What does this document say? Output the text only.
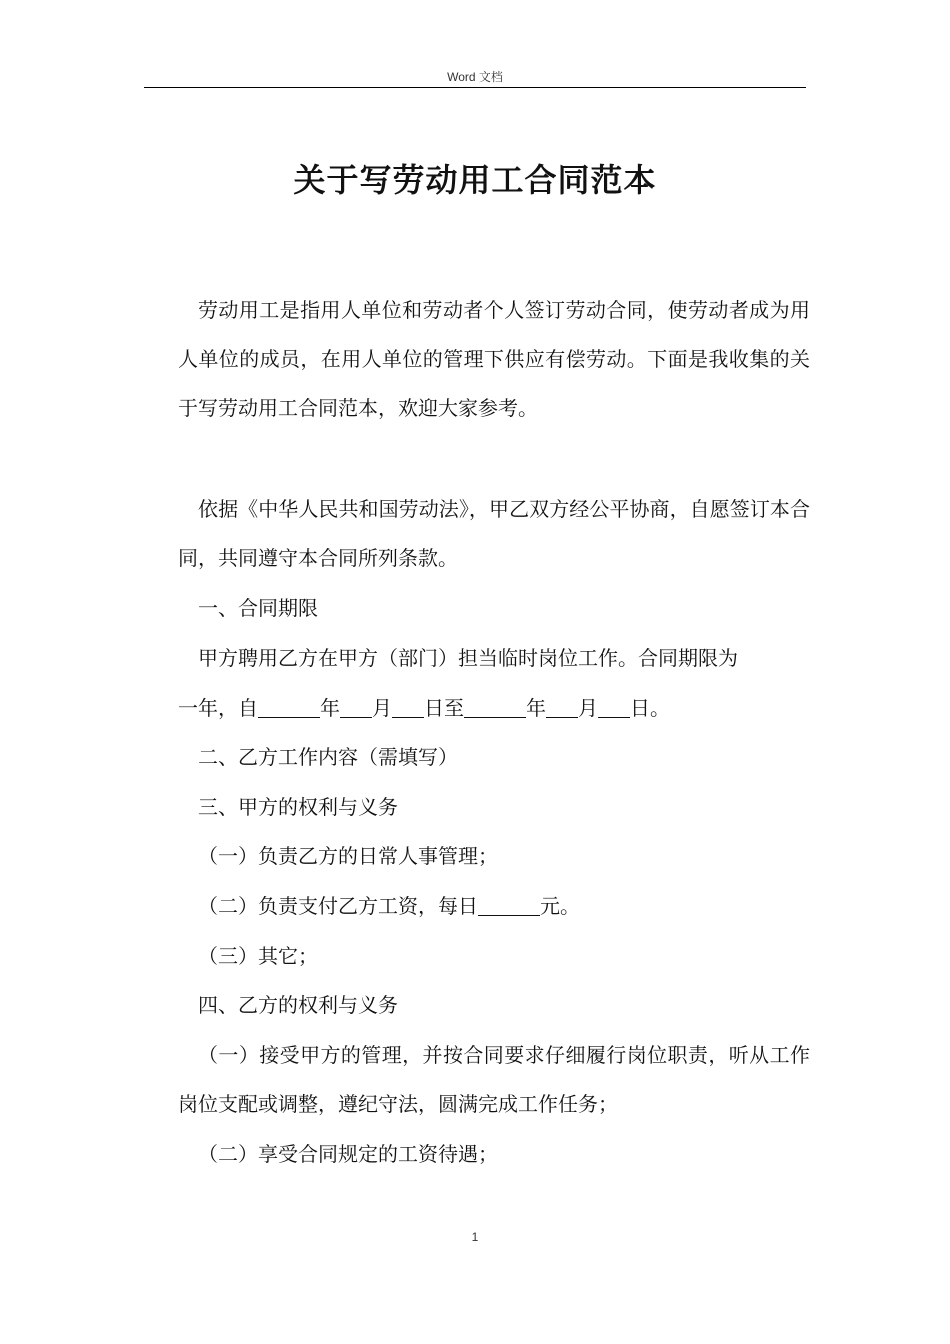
Word 文档
关于写劳动用工合同范本
劳动用工是指用人单位和劳动者个人签订劳动合同，使劳动者成为用人单位的成员，在用人单位的管理下供应有偿劳动。下面是我收集的关于写劳动用工合同范本，欢迎大家参考。
依据《中华人民共和国劳动法》，甲乙双方经公平协商，自愿签订本合同，共同遵守本合同所列条款。
一、合同期限
甲方聘用乙方在甲方（部门）担当临时岗位工作。合同期限为
一年，自	年 月 日至	年 月 日。
二、乙方工作内容（需填写）
三、甲方的权利与义务
（一）负责乙方的日常人事管理；
（二）负责支付乙方工资，每日	元。
（三）其它；
四、乙方的权利与义务
（一）接受甲方的管理，并按合同要求仔细履行岗位职责，听从工作岗位支配或调整，遵纪守法，圆满完成工作任务；
（二）享受合同规定的工资待遇；
1
